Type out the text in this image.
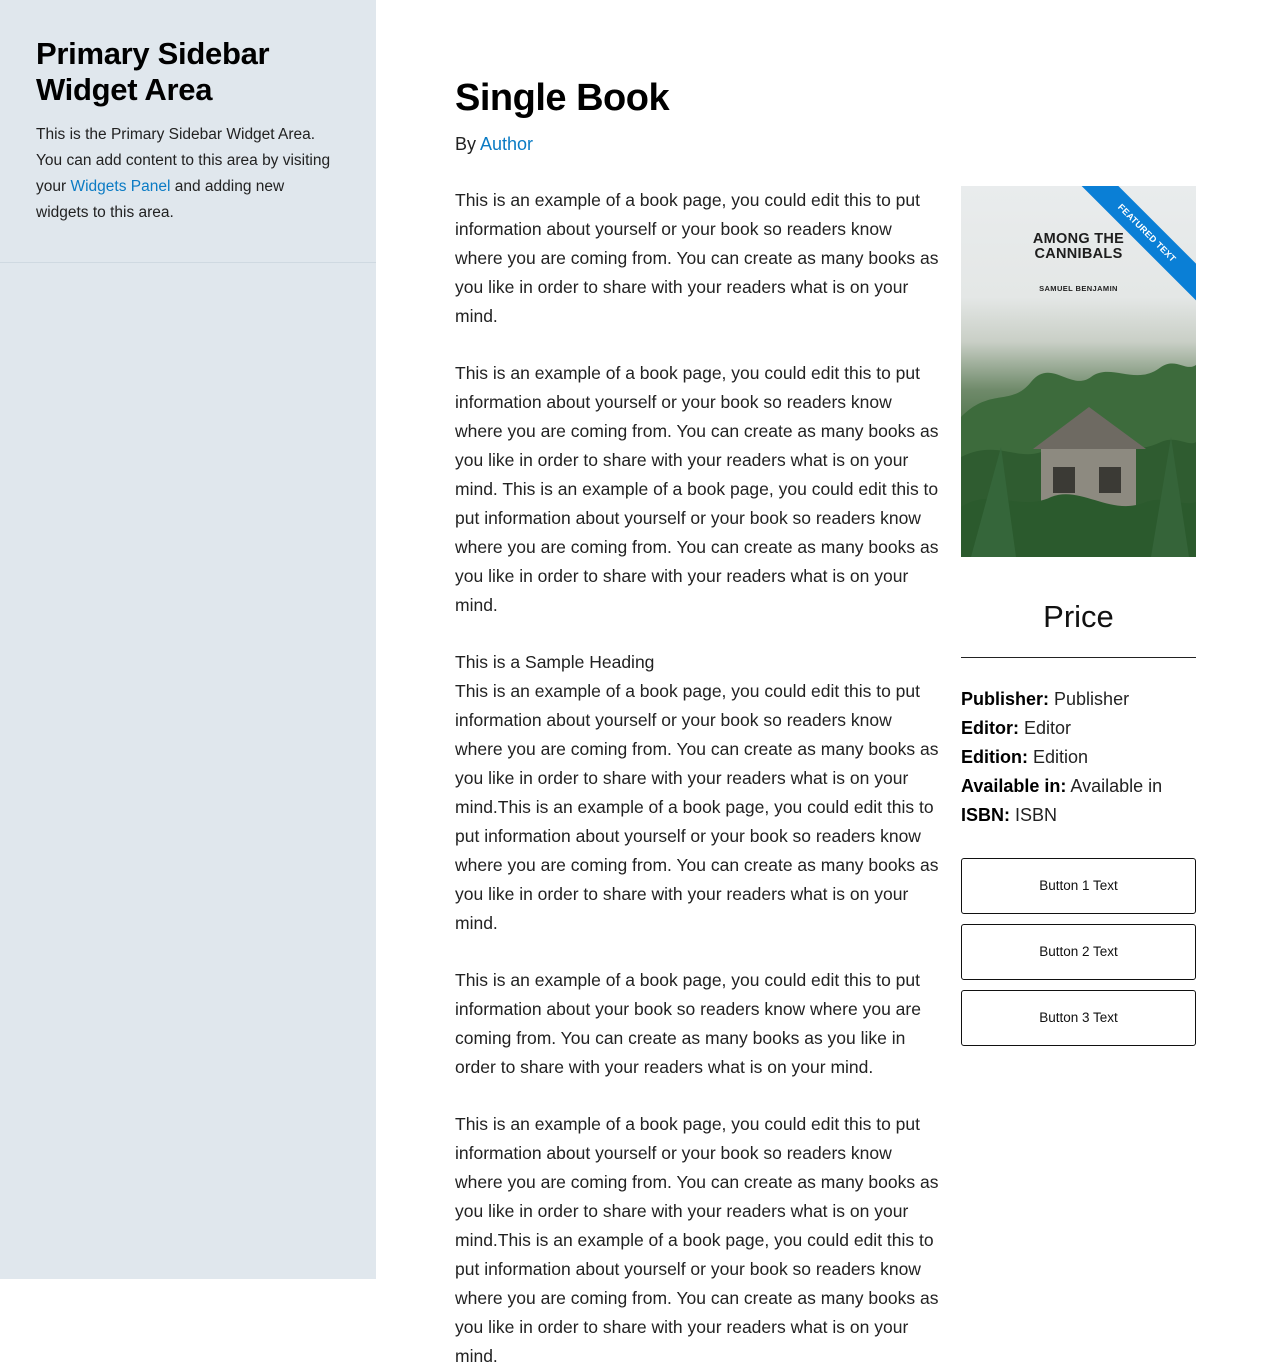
Primary Sidebar Widget Area

This is the Primary Sidebar Widget Area. You can add content to this area by visiting your Widgets Panel and adding new widgets to this area.

Single Book
By Author

This is an example of a book page, you could edit this to put information about yourself or your book so readers know where you are coming from. You can create as many books as you like in order to share with your readers what is on your mind.

This is an example of a book page, you could edit this to put information about yourself or your book so readers know where you are coming from. You can create as many books as you like in order to share with your readers what is on your mind. This is an example of a book page, you could edit this to put information about yourself or your book so readers know where you are coming from. You can create as many books as you like in order to share with your readers what is on your mind.

This is a Sample Heading

This is an example of a book page, you could edit this to put information about yourself or your book so readers know where you are coming from. You can create as many books as you like in order to share with your readers what is on your mind.This is an example of a book page, you could edit this to put information about yourself or your book so readers know where you are coming from. You can create as many books as you like in order to share with your readers what is on your mind.

This is an example of a book page, you could edit this to put information about your book so readers know where you are coming from. You can create as many books as you like in order to share with your readers what is on your mind.

This is an example of a book page, you could edit this to put information about yourself or your book so readers know where you are coming from. You can create as many books as you like in order to share with your readers what is on your mind.This is an example of a book page, you could edit this to put information about yourself or your book so readers know where you are coming from. You can create as many books as you like in order to share with your readers what is on your mind.

AMONG THE
CANNIBALS
SAMUEL BENJAMIN
FEATURED TEXT
Price
Publisher: Publisher
Editor: Editor
Edition: Edition
Available in: Available in
ISBN: ISBN
Button 1 Text
Button 2 Text
Button 3 Text
